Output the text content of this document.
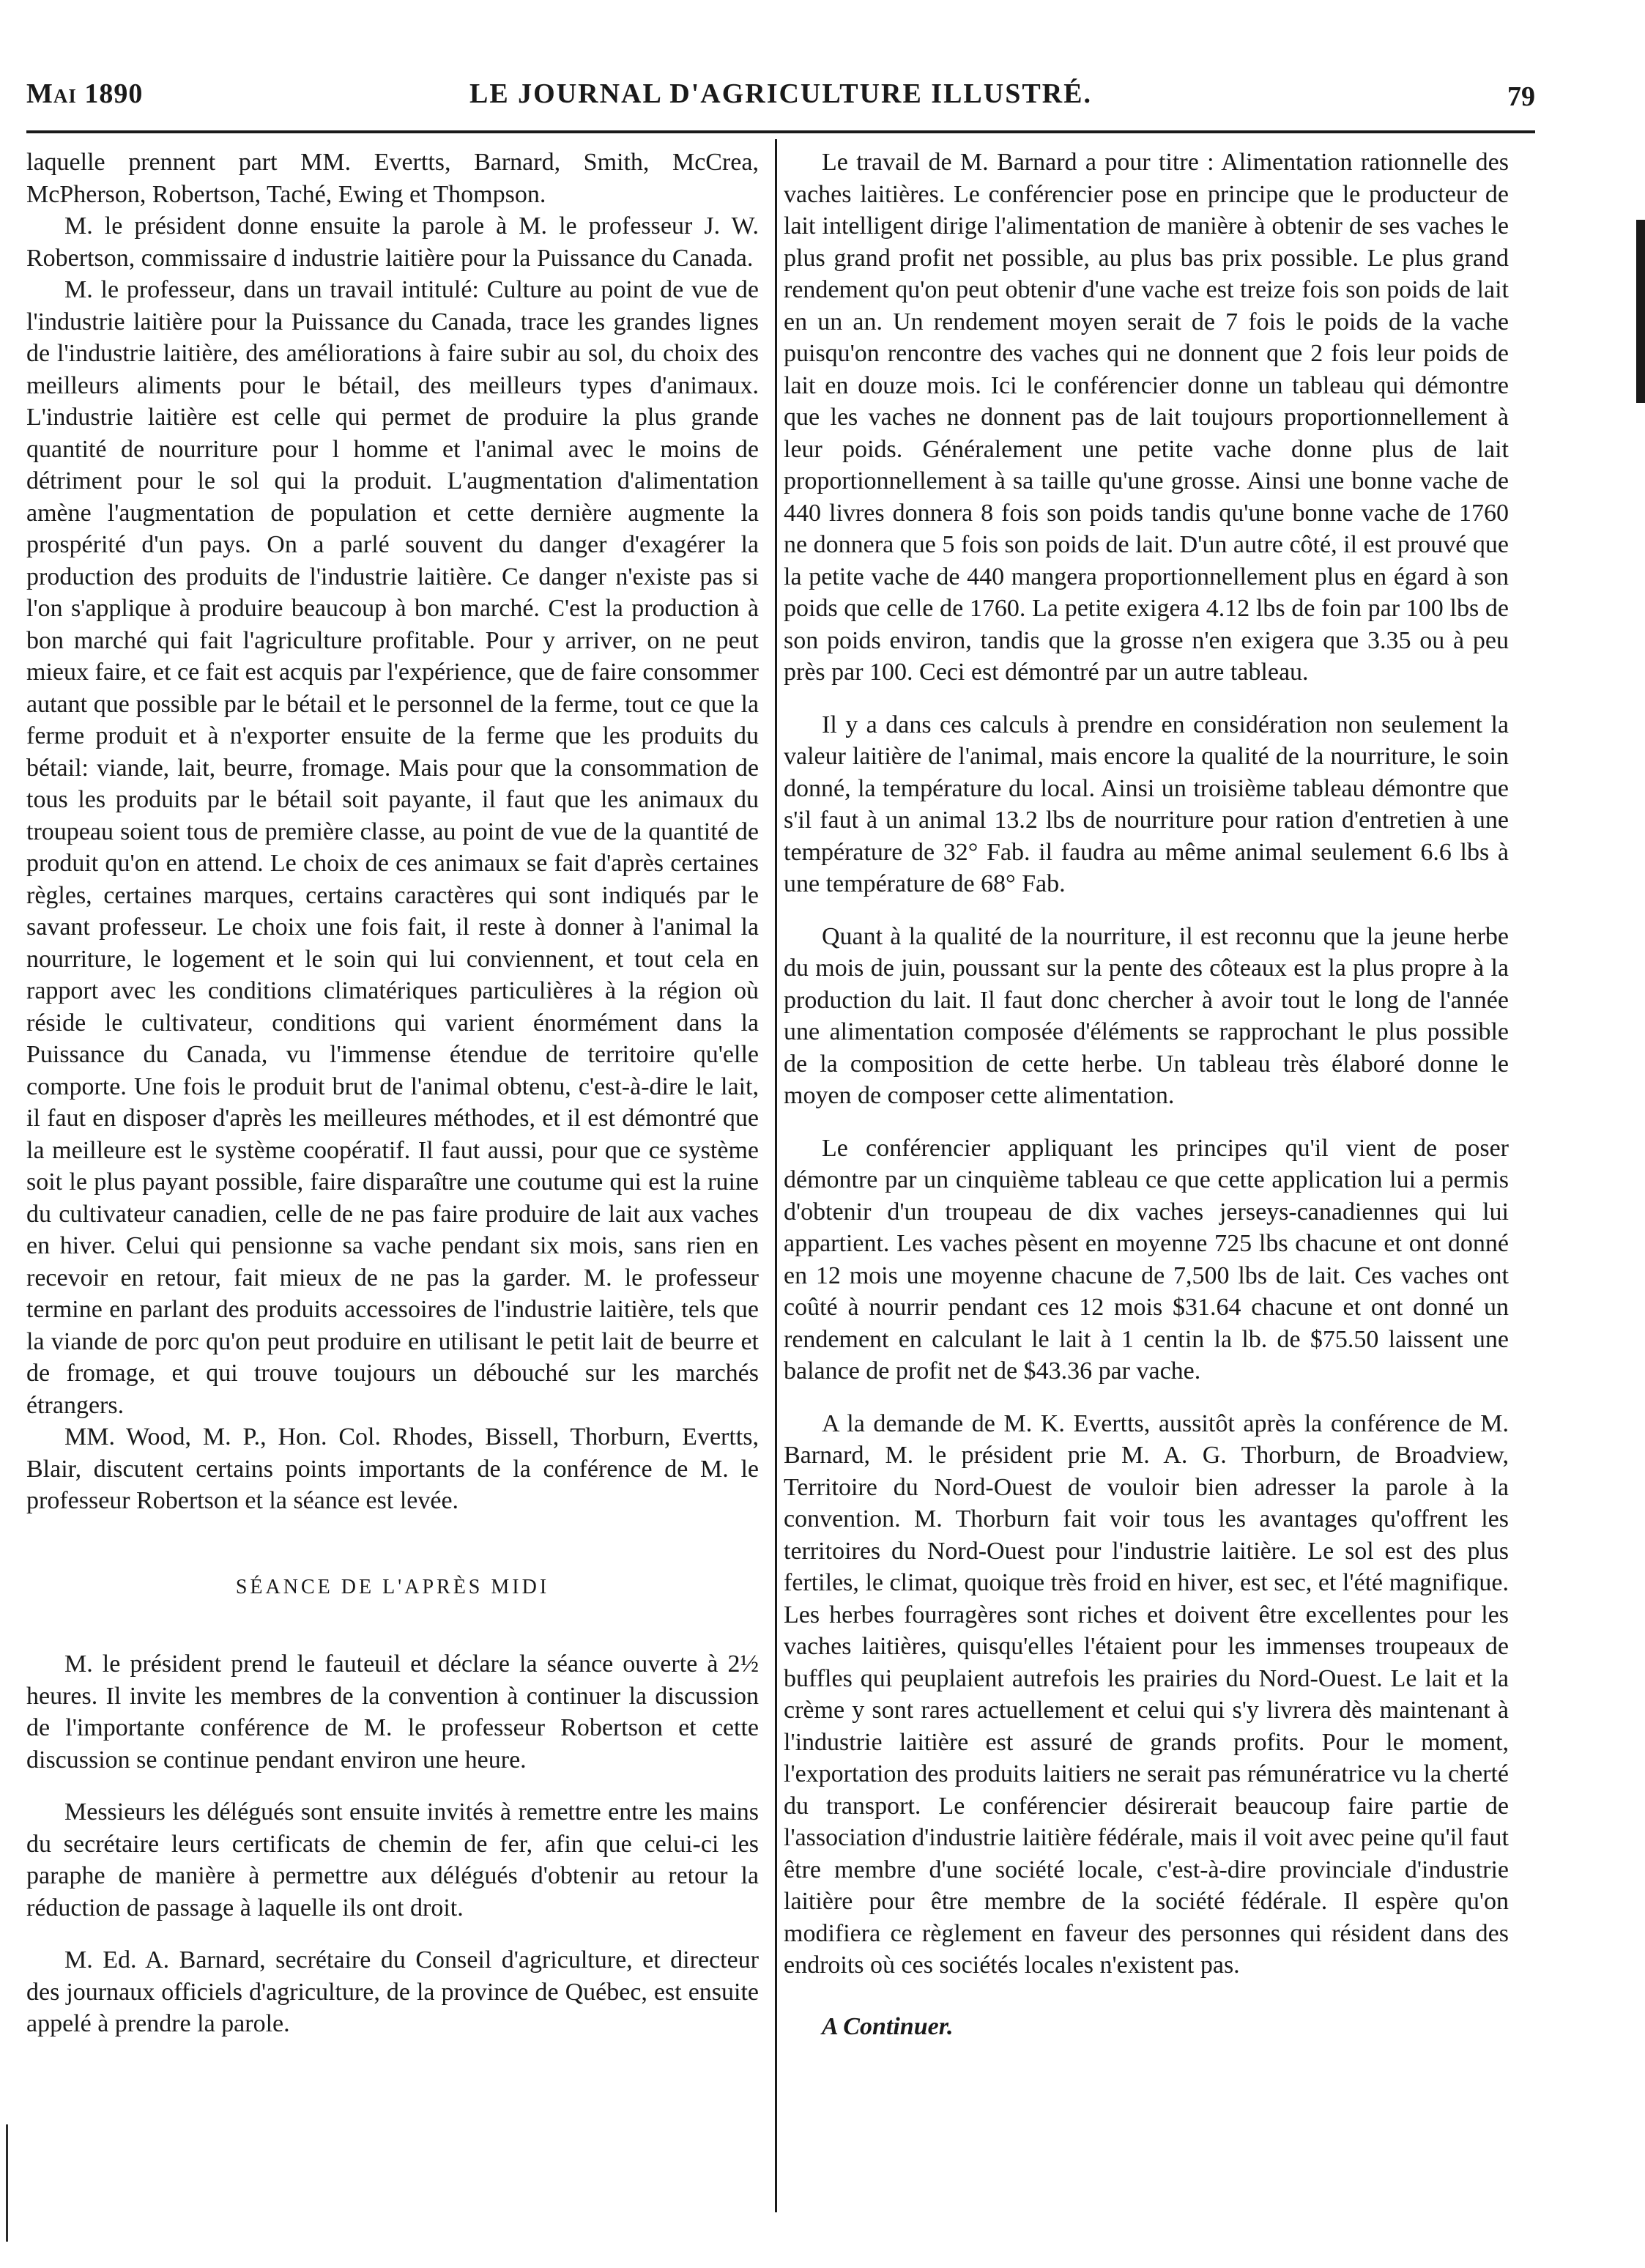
Mai 1890	LE JOURNAL D'AGRICULTURE ILLUSTRÉ.	79

laquelle prennent part MM. Evertts, Barnard, Smith, McCrea, McPherson, Robertson, Taché, Ewing et Thompson.

M. le président donne ensuite la parole à M. le professeur J. W. Robertson, commissaire d industrie laitière pour la Puissance du Canada.

M. le professeur, dans un travail intitulé: Culture au point de vue de l'industrie laitière pour la Puissance du Canada, trace les grandes lignes de l'industrie laitière, des améliorations à faire subir au sol, du choix des meilleurs aliments pour le bétail, des meilleurs types d'animaux. L'industrie laitière est celle qui permet de produire la plus grande quantité de nourriture pour l homme et l'animal avec le moins de détriment pour le sol qui la produit. L'augmentation d'alimentation amène l'augmentation de population et cette dernière augmente la prospérité d'un pays. On a parlé souvent du danger d'exagérer la production des produits de l'industrie laitière. Ce danger n'existe pas si l'on s'applique à produire beaucoup à bon marché. C'est la production à bon marché qui fait l'agriculture profitable. Pour y arriver, on ne peut mieux faire, et ce fait est acquis par l'expérience, que de faire consommer autant que possible par le bétail et le personnel de la ferme, tout ce que la ferme produit et à n'exporter ensuite de la ferme que les produits du bétail: viande, lait, beurre, fromage. Mais pour que la consommation de tous les produits par le bétail soit payante, il faut que les animaux du troupeau soient tous de première classe, au point de vue de la quantité de produit qu'on en attend. Le choix de ces animaux se fait d'après certaines règles, certaines marques, certains caractères qui sont indiqués par le savant professeur. Le choix une fois fait, il reste à donner à l'animal la nourriture, le logement et le soin qui lui conviennent, et tout cela en rapport avec les conditions climatériques particulières à la région où réside le cultivateur, conditions qui varient énormément dans la Puissance du Canada, vu l'immense étendue de territoire qu'elle comporte. Une fois le produit brut de l'animal obtenu, c'est-à-dire le lait, il faut en disposer d'après les meilleures méthodes, et il est démontré que la meilleure est le système coopératif. Il faut aussi, pour que ce système soit le plus payant possible, faire disparaître une coutume qui est la ruine du cultivateur canadien, celle de ne pas faire produire de lait aux vaches en hiver. Celui qui pensionne sa vache pendant six mois, sans rien en recevoir en retour, fait mieux de ne pas la garder. M. le professeur termine en parlant des produits accessoires de l'industrie laitière, tels que la viande de porc qu'on peut produire en utilisant le petit lait de beurre et de fromage, et qui trouve toujours un débouché sur les marchés étrangers.

MM. Wood, M. P., Hon. Col. Rhodes, Bissell, Thorburn, Evertts, Blair, discutent certains points importants de la conférence de M. le professeur Robertson et la séance est levée.

SÉANCE DE L'APRÈS MIDI

M. le président prend le fauteuil et déclare la séance ouverte à 2½ heures. Il invite les membres de la convention à continuer la discussion de l'importante conférence de M. le professeur Robertson et cette discussion se continue pendant environ une heure.

Messieurs les délégués sont ensuite invités à remettre entre les mains du secrétaire leurs certificats de chemin de fer, afin que celui-ci les paraphe de manière à permettre aux délégués d'obtenir au retour la réduction de passage à laquelle ils ont droit.

M. Ed. A. Barnard, secrétaire du Conseil d'agriculture, et directeur des journaux officiels d'agriculture, de la province de Québec, est ensuite appelé à prendre la parole.

Le travail de M. Barnard a pour titre : Alimentation rationnelle des vaches laitières. Le conférencier pose en principe que le producteur de lait intelligent dirige l'alimentation de manière à obtenir de ses vaches le plus grand profit net possible, au plus bas prix possible. Le plus grand rendement qu'on peut obtenir d'une vache est treize fois son poids de lait en un an. Un rendement moyen serait de 7 fois le poids de la vache puisqu'on rencontre des vaches qui ne donnent que 2 fois leur poids de lait en douze mois. Ici le conférencier donne un tableau qui démontre que les vaches ne donnent pas de lait toujours proportionnellement à leur poids. Généralement une petite vache donne plus de lait proportionnellement à sa taille qu'une grosse. Ainsi une bonne vache de 440 livres donnera 8 fois son poids tandis qu'une bonne vache de 1760 ne donnera que 5 fois son poids de lait. D'un autre côté, il est prouvé que la petite vache de 440 mangera proportionnellement plus en égard à son poids que celle de 1760. La petite exigera 4.12 lbs de foin par 100 lbs de son poids environ, tandis que la grosse n'en exigera que 3.35 ou à peu près par 100. Ceci est démontré par un autre tableau.

Il y a dans ces calculs à prendre en considération non seulement la valeur laitière de l'animal, mais encore la qualité de la nourriture, le soin donné, la température du local. Ainsi un troisième tableau démontre que s'il faut à un animal 13.2 lbs de nourriture pour ration d'entretien à une température de 32° Fab. il faudra au même animal seulement 6.6 lbs à une température de 68° Fab.

Quant à la qualité de la nourriture, il est reconnu que la jeune herbe du mois de juin, poussant sur la pente des côteaux est la plus propre à la production du lait. Il faut donc chercher à avoir tout le long de l'année une alimentation composée d'éléments se rapprochant le plus possible de la composition de cette herbe. Un tableau très élaboré donne le moyen de composer cette alimentation.

Le conférencier appliquant les principes qu'il vient de poser démontre par un cinquième tableau ce que cette application lui a permis d'obtenir d'un troupeau de dix vaches jerseys-canadiennes qui lui appartient. Les vaches pèsent en moyenne 725 lbs chacune et ont donné en 12 mois une moyenne chacune de 7,500 lbs de lait. Ces vaches ont coûté à nourrir pendant ces 12 mois $31.64 chacune et ont donné un rendement en calculant le lait à 1 centin la lb. de $75.50 laissent une balance de profit net de $43.36 par vache.

A la demande de M. K. Evertts, aussitôt après la conférence de M. Barnard, M. le président prie M. A. G. Thorburn, de Broadview, Territoire du Nord-Ouest de vouloir bien adresser la parole à la convention. M. Thorburn fait voir tous les avantages qu'offrent les territoires du Nord-Ouest pour l'industrie laitière. Le sol est des plus fertiles, le climat, quoique très froid en hiver, est sec, et l'été magnifique. Les herbes fourragères sont riches et doivent être excellentes pour les vaches laitières, quisqu'elles l'étaient pour les immenses troupeaux de buffles qui peuplaient autrefois les prairies du Nord-Ouest. Le lait et la crème y sont rares actuellement et celui qui s'y livrera dès maintenant à l'industrie laitière est assuré de grands profits. Pour le moment, l'exportation des produits laitiers ne serait pas rémunératrice vu la cherté du transport. Le conférencier désirerait beaucoup faire partie de l'association d'industrie laitière fédérale, mais il voit avec peine qu'il faut être membre d'une société locale, c'est-à-dire provinciale d'industrie laitière pour être membre de la société fédérale. Il espère qu'on modifiera ce règlement en faveur des personnes qui résident dans des endroits où ces sociétés locales n'existent pas.

A Continuer.
